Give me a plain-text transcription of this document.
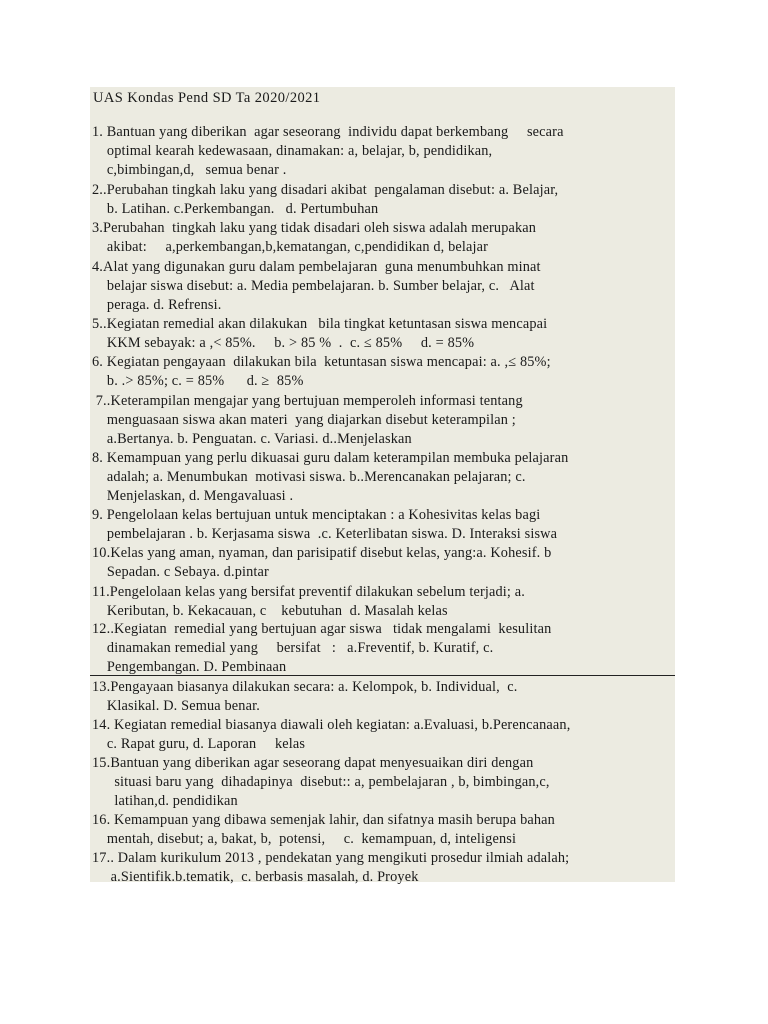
UAS Kondas Pend SD Ta 2020/2021
1. Bantuan yang diberikan  agar seseorang  individu dapat berkembang     secara
optimal kearah kedewasaan, dinamakan: a, belajar, b, pendidikan,
c,bimbingan,d,   semua benar .
2..Perubahan tingkah laku yang disadari akibat  pengalaman disebut: a. Belajar,
b. Latihan. c.Perkembangan.   d. Pertumbuhan
3.Perubahan  tingkah laku yang tidak disadari oleh siswa adalah merupakan
akibat:     a,perkembangan,b,kematangan, c,pendidikan d, belajar
4.Alat yang digunakan guru dalam pembelajaran  guna menumbuhkan minat
belajar siswa disebut: a. Media pembelajaran. b. Sumber belajar, c.   Alat
peraga. d. Refrensi.
5..Kegiatan remedial akan dilakukan   bila tingkat ketuntasan siswa mencapai
KKM sebayak: a ,< 85%.     b. > 85 %  .  c. ≤ 85%     d. = 85%
6. Kegiatan pengayaan  dilakukan bila  ketuntasan siswa mencapai: a. ,≤ 85%;
b. .> 85%; c. = 85%      d. ≥  85%
7..Keterampilan mengajar yang bertujuan memperoleh informasi tentang
menguasaan siswa akan materi  yang diajarkan disebut keterampilan ;
a.Bertanya. b. Penguatan. c. Variasi. d..Menjelaskan
8. Kemampuan yang perlu dikuasai guru dalam keterampilan membuka pelajaran
adalah; a. Menumbukan  motivasi siswa. b..Merencanakan pelajaran; c.
Menjelaskan, d. Mengavaluasi .
9. Pengelolaan kelas bertujuan untuk menciptakan : a Kohesivitas kelas bagi
pembelajaran . b. Kerjasama siswa  .c. Keterlibatan siswa. D. Interaksi siswa
10.Kelas yang aman, nyaman, dan parisipatif disebut kelas, yang:a. Kohesif. b
Sepadan. c Sebaya. d.pintar
11.Pengelolaan kelas yang bersifat preventif dilakukan sebelum terjadi; a.
Keributan, b. Kekacauan, c    kebutuhan  d. Masalah kelas
12..Kegiatan  remedial yang bertujuan agar siswa   tidak mengalami  kesulitan
dinamakan remedial yang     bersifat   :   a.Freventif, b. Kuratif, c.
Pengembangan. D. Pembinaan
13.Pengayaan biasanya dilakukan secara: a. Kelompok, b. Individual,  c.
Klasikal. D. Semua benar.
14. Kegiatan remedial biasanya diawali oleh kegiatan: a.Evaluasi, b.Perencanaan,
c. Rapat guru, d. Laporan     kelas
15.Bantuan yang diberikan agar seseorang dapat menyesuaikan diri dengan
situasi baru yang  dihadapinya  disebut:: a, pembelajaran , b, bimbingan,c,
latihan,d. pendidikan
16. Kemampuan yang dibawa semenjak lahir, dan sifatnya masih berupa bahan
mentah, disebut; a, bakat, b,  potensi,     c.  kemampuan, d, inteligensi
17.. Dalam kurikulum 2013 , pendekatan yang mengikuti prosedur ilmiah adalah;
a.Sientifik.b.tematik,  c. berbasis masalah, d. Proyek
